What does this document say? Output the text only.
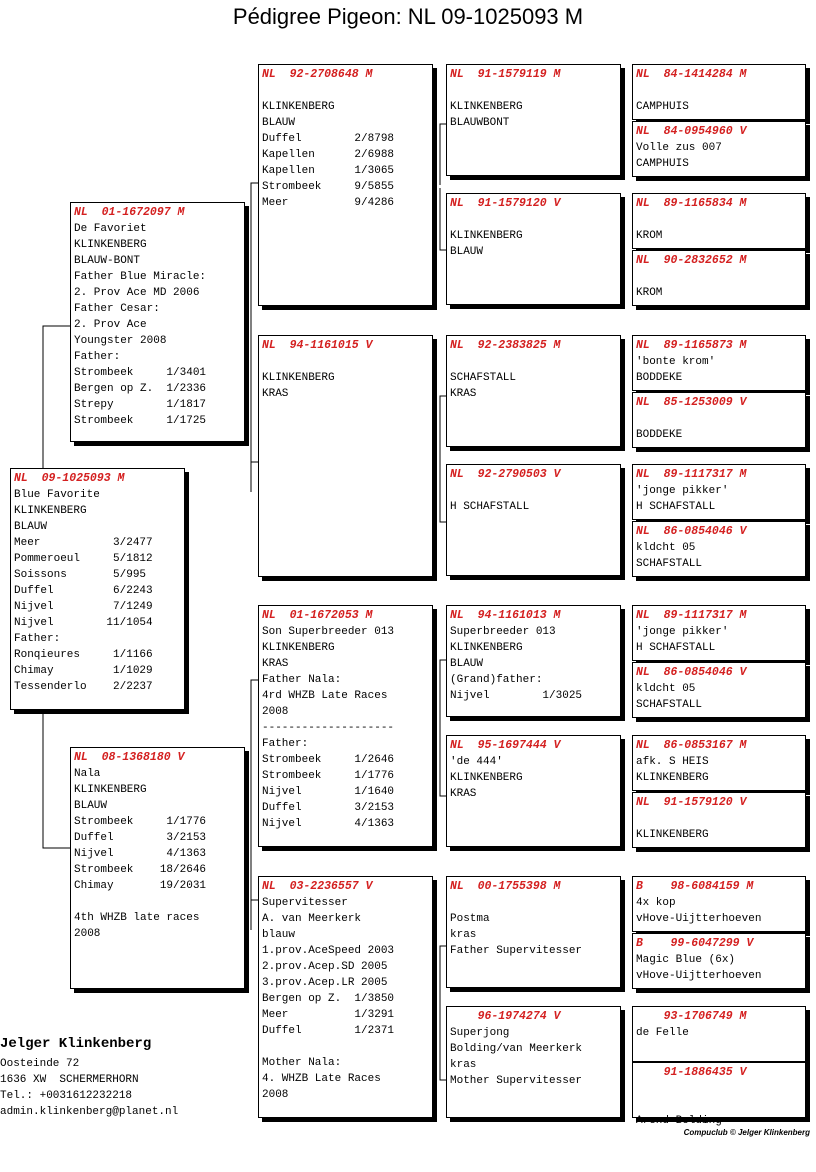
Pédigree Pigeon: NL 09-1025093 M
NL  09-1025093 M
Blue Favorite
KLINKENBERG
BLAUW
Meer           3/2477
Pommeroeul     5/1812
Soissons       5/995
Duffel         6/2243
Nijvel         7/1249
Nijvel        11/1054
Father:
Ronqieures     1/1166
Chimay         1/1029
Tessenderlo    2/2237
NL  01-1672097 M
De Favoriet
KLINKENBERG
BLAUW-BONT
Father Blue Miracle:
2. Prov Ace MD 2006
Father Cesar:
2. Prov Ace
Youngster 2008
Father:
Strombeek     1/3401
Bergen op Z.  1/2336
Strepy        1/1817
Strombeek     1/1725
NL  08-1368180 V
Nala
KLINKENBERG
BLAUW
Strombeek     1/1776
Duffel        3/2153
Nijvel        4/1363
Strombeek    18/2646
Chimay       19/2031
4th WHZB late races
2008
NL  92-2708648 M
KLINKENBERG
BLAUW
Duffel        2/8798
Kapellen      2/6988
Kapellen      1/3065
Strombeek     9/5855
Meer          9/4286
NL  94-1161015 V
KLINKENBERG
KRAS
NL  01-1672053 M
Son Superbreeder 013
KLINKENBERG
KRAS
Father Nala:
4rd WHZB Late Races
2008
--------------------
Father:
Strombeek     1/2646
Strombeek     1/1776
Nijvel        1/1640
Duffel        3/2153
Nijvel        4/1363
NL  03-2236557 V
Supervitesser
A. van Meerkerk
blauw
1.prov.AceSpeed 2003
2.prov.Acep.SD 2005
3.prov.Acep.LR 2005
Bergen op Z.  1/3850
Meer          1/3291
Duffel        1/2371
Mother Nala:
4. WHZB Late Races
2008
NL  91-1579119 M
KLINKENBERG
BLAUWBONT
NL  91-1579120 V
KLINKENBERG
BLAUW
NL  92-2383825 M
SCHAFSTALL
KRAS
NL  92-2790503 V
H SCHAFSTALL
NL  94-1161013 M
Superbreeder 013
KLINKENBERG
BLAUW
(Grand)father:
Nijvel        1/3025
NL  95-1697444 V
'de 444'
KLINKENBERG
KRAS
NL  00-1755398 M
Postma
kras
Father Supervitesser
96-1974274 V
Superjong
Bolding/van Meerkerk
kras
Mother Supervitesser
NL  84-1414284 M
CAMPHUIS
NL  84-0954960 V
Volle zus 007
CAMPHUIS
NL  89-1165834 M
KROM
NL  90-2832652 M
KROM
NL  89-1165873 M
'bonte krom'
BODDEKE
NL  85-1253009 V
BODDEKE
NL  89-1117317 M
'jonge pikker'
H SCHAFSTALL
NL  86-0854046 V
kldcht 05
SCHAFSTALL
NL  89-1117317 M
'jonge pikker'
H SCHAFSTALL
NL  86-0854046 V
kldcht 05
SCHAFSTALL
NL  86-0853167 M
afk. S HEIS
KLINKENBERG
NL  91-1579120 V
KLINKENBERG
B    98-6084159 M
4x kop
vHove-Uijtterhoeven
B    99-6047299 V
Magic Blue (6x)
vHove-Uijtterhoeven
93-1706749 M
de Felle
91-1886435 V
Arend Bolding
Jelger Klinkenberg
Oosteinde 72
1636 XW  SCHERMERHORN
Tel.: +0031612232218
admin.klinkenberg@planet.nl
Compuclub © Jelger Klinkenberg
